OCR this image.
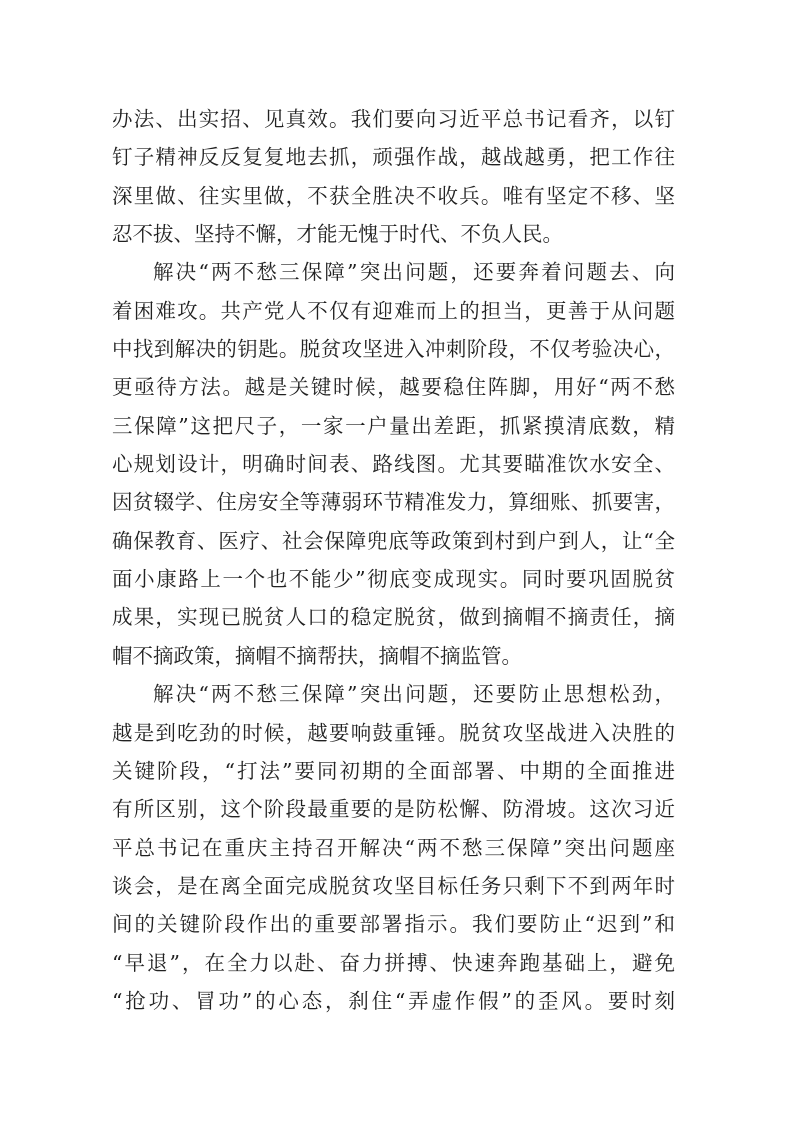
办法、出实招、见真效。我们要向习近平总书记看齐，以钉
钉子精神反反复复地去抓，顽强作战，越战越勇，把工作往
深里做、往实里做，不获全胜决不收兵。唯有坚定不移、坚
忍不拔、坚持不懈，才能无愧于时代、不负人民。
解决“两不愁三保障”突出问题，还要奔着问题去、向
着困难攻。共产党人不仅有迎难而上的担当，更善于从问题
中找到解决的钥匙。脱贫攻坚进入冲刺阶段，不仅考验决心，
更亟待方法。越是关键时候，越要稳住阵脚，用好“两不愁
三保障”这把尺子，一家一户量出差距，抓紧摸清底数，精
心规划设计，明确时间表、路线图。尤其要瞄准饮水安全、
因贫辍学、住房安全等薄弱环节精准发力，算细账、抓要害，
确保教育、医疗、社会保障兜底等政策到村到户到人，让“全
面小康路上一个也不能少”彻底变成现实。同时要巩固脱贫
成果，实现已脱贫人口的稳定脱贫，做到摘帽不摘责任，摘
帽不摘政策，摘帽不摘帮扶，摘帽不摘监管。
解决“两不愁三保障”突出问题，还要防止思想松劲，
越是到吃劲的时候，越要响鼓重锤。脱贫攻坚战进入决胜的
关键阶段，“打法”要同初期的全面部署、中期的全面推进
有所区别，这个阶段最重要的是防松懈、防滑坡。这次习近
平总书记在重庆主持召开解决“两不愁三保障”突出问题座
谈会，是在离全面完成脱贫攻坚目标任务只剩下不到两年时
间的关键阶段作出的重要部署指示。我们要防止“迟到”和
“早退”，在全力以赴、奋力拼搏、快速奔跑基础上，避免
“抢功、冒功”的心态，刹住“弄虚作假”的歪风。要时刻
